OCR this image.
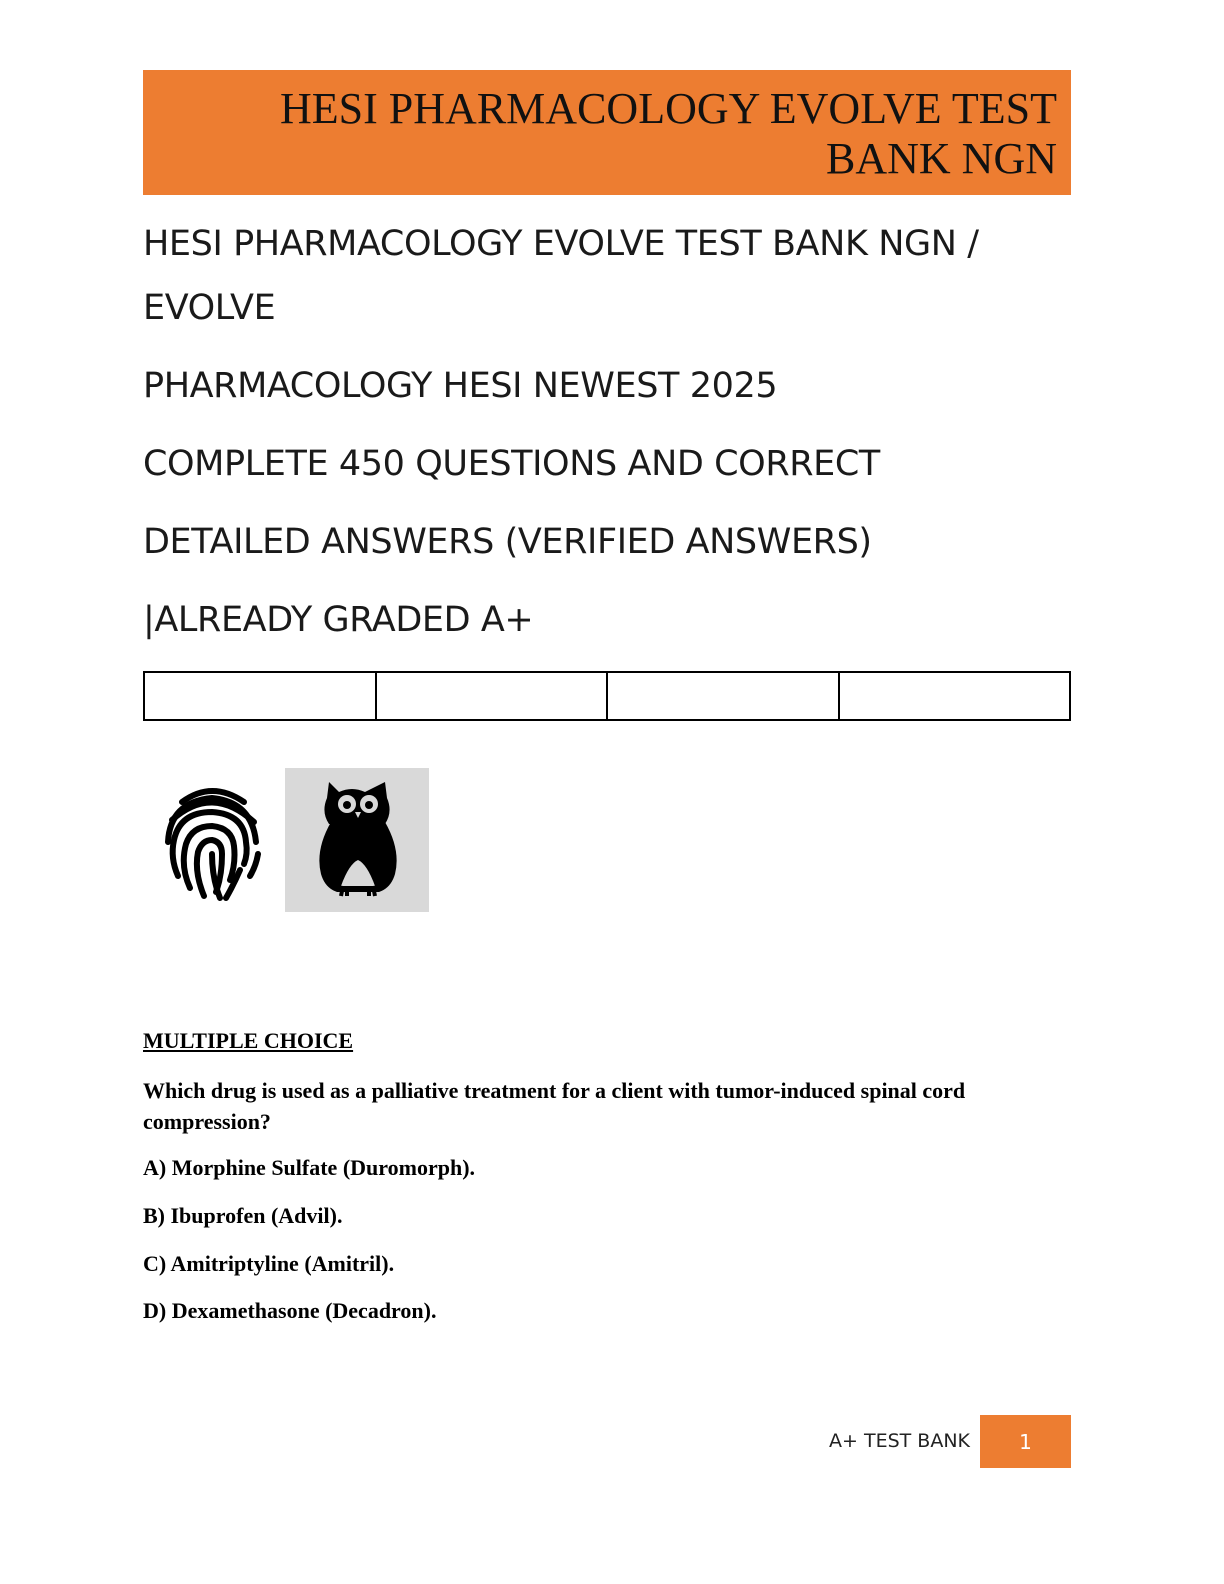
HESI PHARMACOLOGY EVOLVE TEST
BANK NGN
HESI PHARMACOLOGY EVOLVE TEST BANK NGN /
EVOLVE
PHARMACOLOGY HESI NEWEST 2025
COMPLETE 450 QUESTIONS AND CORRECT
DETAILED ANSWERS (VERIFIED ANSWERS)
|ALREADY GRADED A+

MULTIPLE CHOICE
Which drug is used as a palliative treatment for a client with tumor-induced spinal cord compression?
A) Morphine Sulfate (Duromorph).
B) Ibuprofen (Advil).
C) Amitriptyline (Amitril).
D) Dexamethasone (Decadron).
A+ TEST BANK	1
